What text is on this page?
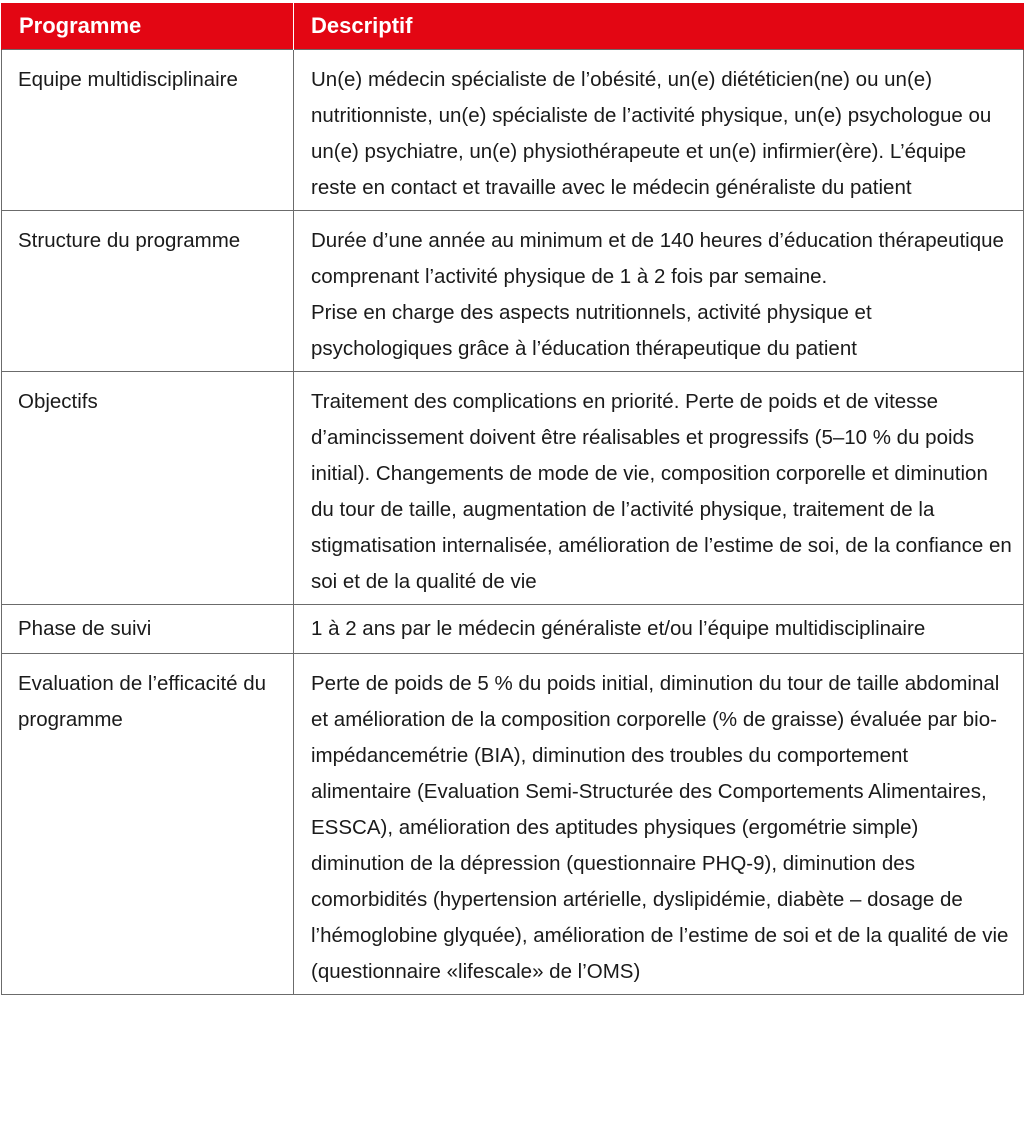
Programme	Descriptif
Equipe multidisciplinaire	Un(e) médecin spécialiste de l’obésité, un(e) diététicien(ne) ou un(e) nutritionniste, un(e) spécialiste de l’activité physique, un(e) psychologue ou un(e) psychiatre, un(e) physiothérapeute et un(e) infirmier(ère). L’équipe reste en contact et travaille avec le médecin généraliste du patient

Structure du programme	Durée d’une année au minimum et de 140 heures d’éducation thérapeutique comprenant l’activité physique de 1 à 2 fois par semaine.
Prise en charge des aspects nutritionnels, activité physique et psychologiques grâce à l’éducation thérapeutique du patient

Objectifs	Traitement des complications en priorité. Perte de poids et de vitesse d’amincissement doivent être réalisables et progressifs (5–10 % du poids initial). Changements de mode de vie, composition corporelle et diminution du tour de taille, augmentation de l’activité physique, traitement de la stigmatisation internalisée, amélioration de l’estime de soi, de la confiance en soi et de la qualité de vie

Phase de suivi	1 à 2 ans par le médecin généraliste et/ou l’équipe multidisciplinaire

Evaluation de l’efficacité du programme	Perte de poids de 5 % du poids initial, diminution du tour de taille abdominal et amélioration de la composition corporelle (% de graisse) évaluée par bio-impédancemétrie (BIA), diminution des troubles du comportement alimentaire (Evaluation Semi-Structurée des Comportements Alimentaires, ESSCA), amélioration des aptitudes physiques (ergométrie simple) diminution de la dépression (questionnaire PHQ-9), diminution des comorbidités (hypertension artérielle, dyslipidémie, diabète – dosage de l’hémoglobine glyquée), amélioration de l’estime de soi et de la qualité de vie (questionnaire «lifescale» de l’OMS)
